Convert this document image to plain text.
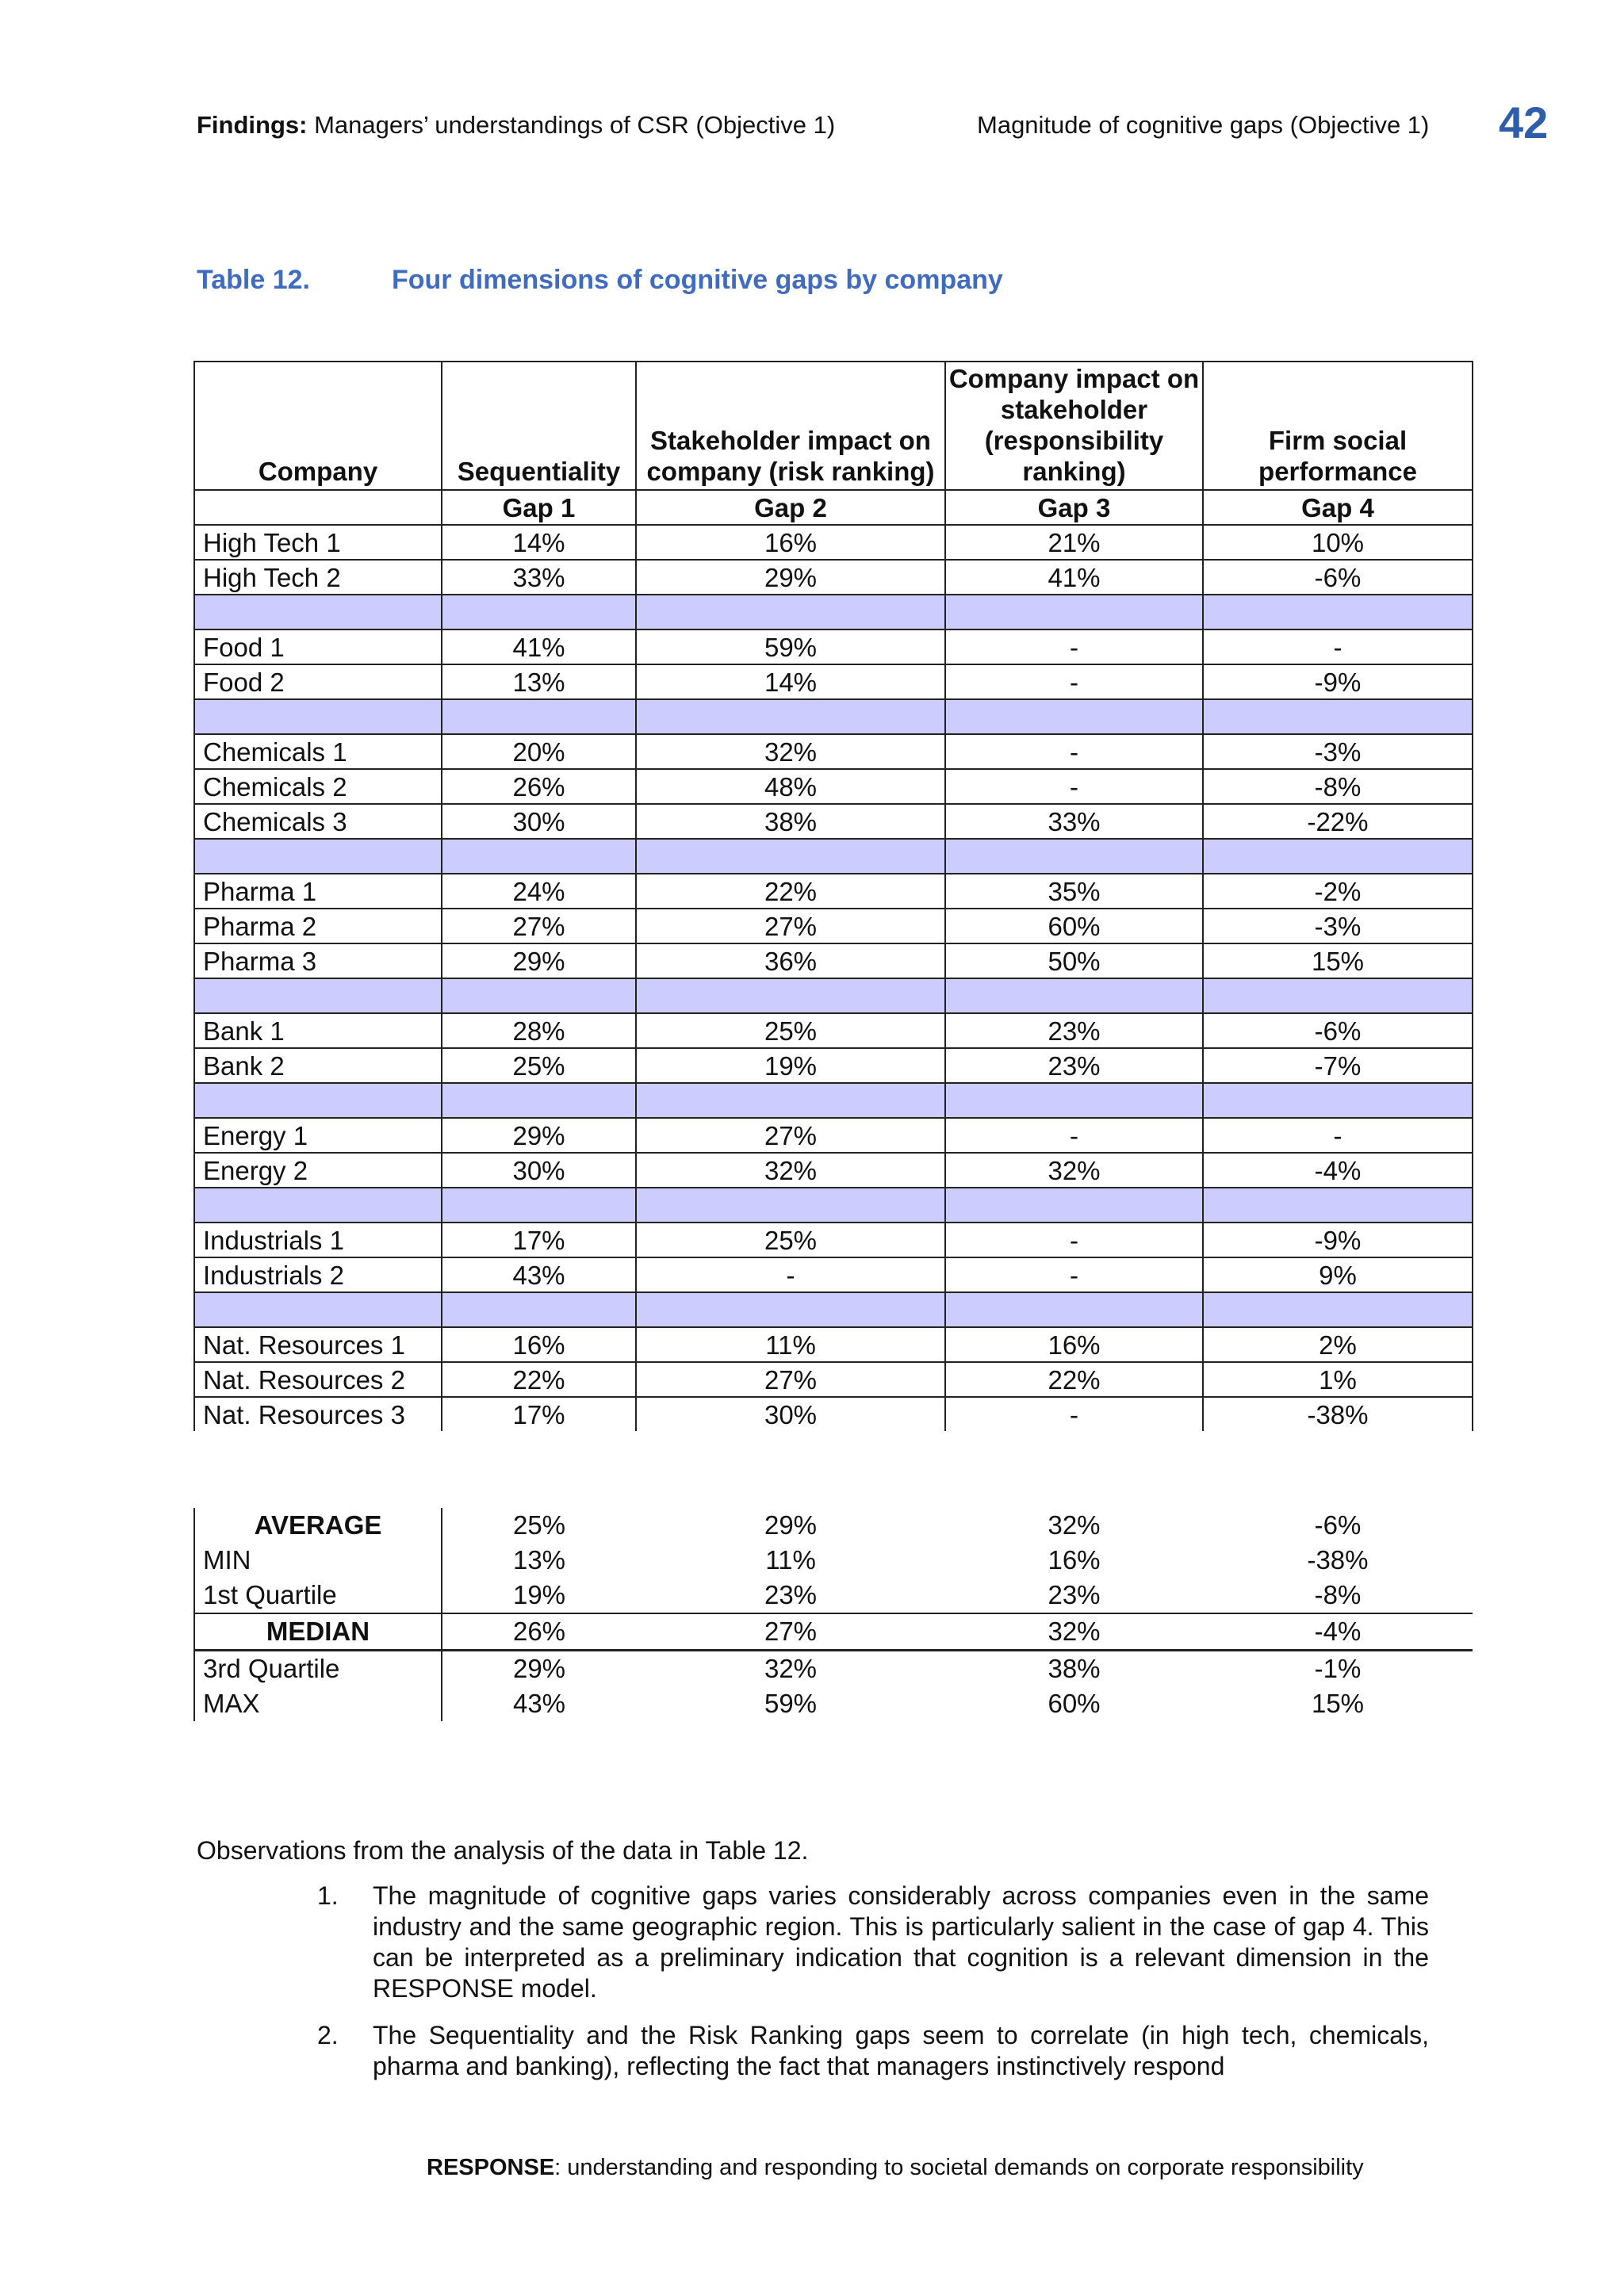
Findings: Managers’ understandings of CSR (Objective 1)	Magnitude of cognitive gaps (Objective 1) 42
Table 12.	Four dimensions of cognitive gaps by company
Company	Sequentiality	Stakeholder impact on company (risk ranking)	Company impact on stakeholder (responsibility ranking)	Firm social performance
	Gap 1	Gap 2	Gap 3	Gap 4
High Tech 1	14%	16%	21%	10%
High Tech 2	33%	29%	41%	-6%

Food 1	41%	59%	-	-
Food 2	13%	14%	-	-9%

Chemicals 1	20%	32%	-	-3%
Chemicals 2	26%	48%	-	-8%
Chemicals 3	30%	38%	33%	-22%

Pharma 1	24%	22%	35%	-2%
Pharma 2	27%	27%	60%	-3%
Pharma 3	29%	36%	50%	15%

Bank 1	28%	25%	23%	-6%
Bank 2	25%	19%	23%	-7%

Energy 1	29%	27%	-	-
Energy 2	30%	32%	32%	-4%

Industrials 1	17%	25%	-	-9%
Industrials 2	43%	-	-	9%

Nat. Resources 1	16%	11%	16%	2%
Nat. Resources 2	22%	27%	22%	1%
Nat. Resources 3	17%	30%	-	-38%
AVERAGE	25%	29%	32%	-6%
MIN	13%	11%	16%	-38%
1st Quartile	19%	23%	23%	-8%
MEDIAN	26%	27%	32%	-4%
3rd Quartile	29%	32%	38%	-1%
MAX	43%	59%	60%	15%
Observations from the analysis of the data in Table 12.
1. The magnitude of cognitive gaps varies considerably across companies even in the same industry and the same geographic region. This is particularly salient in the case of gap 4. This can be interpreted as a preliminary indication that cognition is a relevant dimension in the RESPONSE model.
2. The Sequentiality and the Risk Ranking gaps seem to correlate (in high tech, chemicals, pharma and banking), reflecting the fact that managers instinctively respond
RESPONSE: understanding and responding to societal demands on corporate responsibility
